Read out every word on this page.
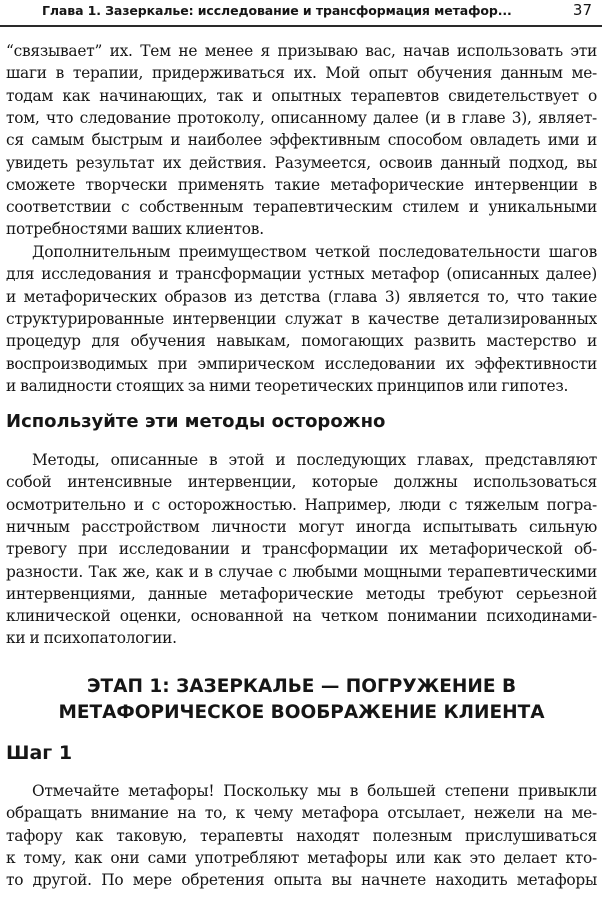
Глава 1. Зазеркалье: исследование и трансформация метафор...	37
“связывает” их. Тем не менее я призываю вас, начав использовать эти
шаги в терапии, придерживаться их. Мой опыт обучения данным ме-
тодам как начинающих, так и опытных терапевтов свидетельствует о
том, что следование протоколу, описанному далее (и в главе 3), являет-
ся самым быстрым и наиболее эффективным способом овладеть ими и
увидеть результат их действия. Разумеется, освоив данный подход, вы
сможете творчески применять такие метафорические интервенции в
соответствии с собственным терапевтическим стилем и уникальными
потребностями ваших клиентов.
Дополнительным преимуществом четкой последовательности шагов
для исследования и трансформации устных метафор (описанных далее)
и метафорических образов из детства (глава 3) является то, что такие
структурированные интервенции служат в качестве детализированных
процедур для обучения навыкам, помогающих развить мастерство и
воспроизводимых при эмпирическом исследовании их эффективности
и валидности стоящих за ними теоретических принципов или гипотез.
Используйте эти методы осторожно
Методы, описанные в этой и последующих главах, представляют
собой интенсивные интервенции, которые должны использоваться
осмотрительно и с осторожностью. Например, люди с тяжелым погра-
ничным расстройством личности могут иногда испытывать сильную
тревогу при исследовании и трансформации их метафорической об-
разности. Так же, как и в случае с любыми мощными терапевтическими
интервенциями, данные метафорические методы требуют серьезной
клинической оценки, основанной на четком понимании психодинами-
ки и психопатологии.
ЭТАП 1: ЗАЗЕРКАЛЬЕ — ПОГРУЖЕНИЕ В
МЕТАФОРИЧЕСКОЕ ВООБРАЖЕНИЕ КЛИЕНТА
Шаг 1
Отмечайте метафоры! Поскольку мы в большей степени привыкли
обращать внимание на то, к чему метафора отсылает, нежели на ме-
тафору как таковую, терапевты находят полезным прислушиваться
к тому, как они сами употребляют метафоры или как это делает кто-
то другой. По мере обретения опыта вы начнете находить метафоры
